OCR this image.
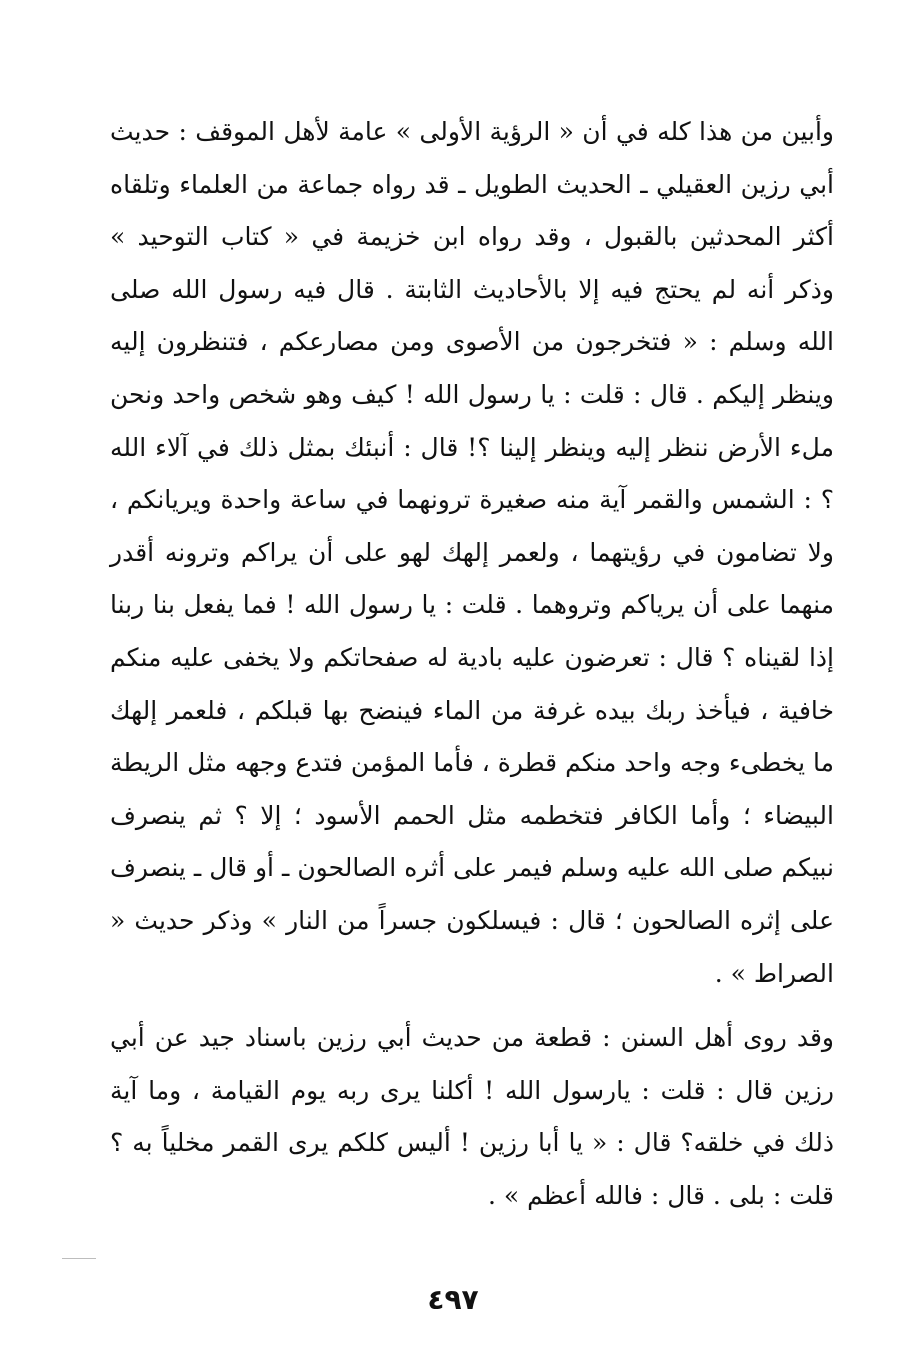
وأبين من هذا كله في أن « الرؤية الأولى » عامة لأهل الموقف : حديث أبي رزين العقيلي ـ الحديث الطويل ـ قد رواه جماعة من العلماء وتلقاه أكثر المحدثين بالقبول ، وقد رواه ابن خزيمة في « كتاب التوحيد » وذكر أنه لم يحتج فيه إلا بالأحاديث الثابتة . قال فيه رسول الله صلى الله وسلم : « فتخرجون من الأصوى ومن مصارعكم ، فتنظرون إليه وينظر إليكم . قال : قلت : يا رسول الله ! كيف وهو شخص واحد ونحن ملء الأرض ننظر إليه وينظر إلينا ؟! قال : أنبئك بمثل ذلك في آلاء الله ؟ : الشمس والقمر آية منه صغيرة ترونهما في ساعة واحدة ويريانكم ، ولا تضامون في رؤيتهما ، ولعمر إلهك لهو على أن يراكم وترونه أقدر منهما على أن يرياكم وتروهما . قلت : يا رسول الله ! فما يفعل بنا ربنا إذا لقيناه ؟ قال : تعرضون عليه بادية له صفحاتكم ولا يخفى عليه منكم خافية ، فيأخذ ربك بيده غرفة من الماء فينضح بها قبلكم ، فلعمر إلهك ما يخطىء وجه واحد منكم قطرة ، فأما المؤمن فتدع وجهه مثل الريطة البيضاء ؛ وأما الكافر فتخطمه مثل الحمم الأسود ؛ إلا ؟ ثم ينصرف نبيكم صلى الله عليه وسلم فيمر على أثره الصالحون ـ أو قال ـ ينصرف على إثره الصالحون ؛ قال : فيسلكون جسراً من النار » وذكر حديث « الصراط » .

وقد روى أهل السنن : قطعة من حديث أبي رزين باسناد جيد عن أبي رزين قال : قلت : يارسول الله ! أكلنا يرى ربه يوم القيامة ، وما آية ذلك في خلقه؟ قال : « يا أبا رزين ! أليس كلكم يرى القمر مخلياً به ؟ قلت : بلى . قال : فالله أعظم » .

٤٩٧
